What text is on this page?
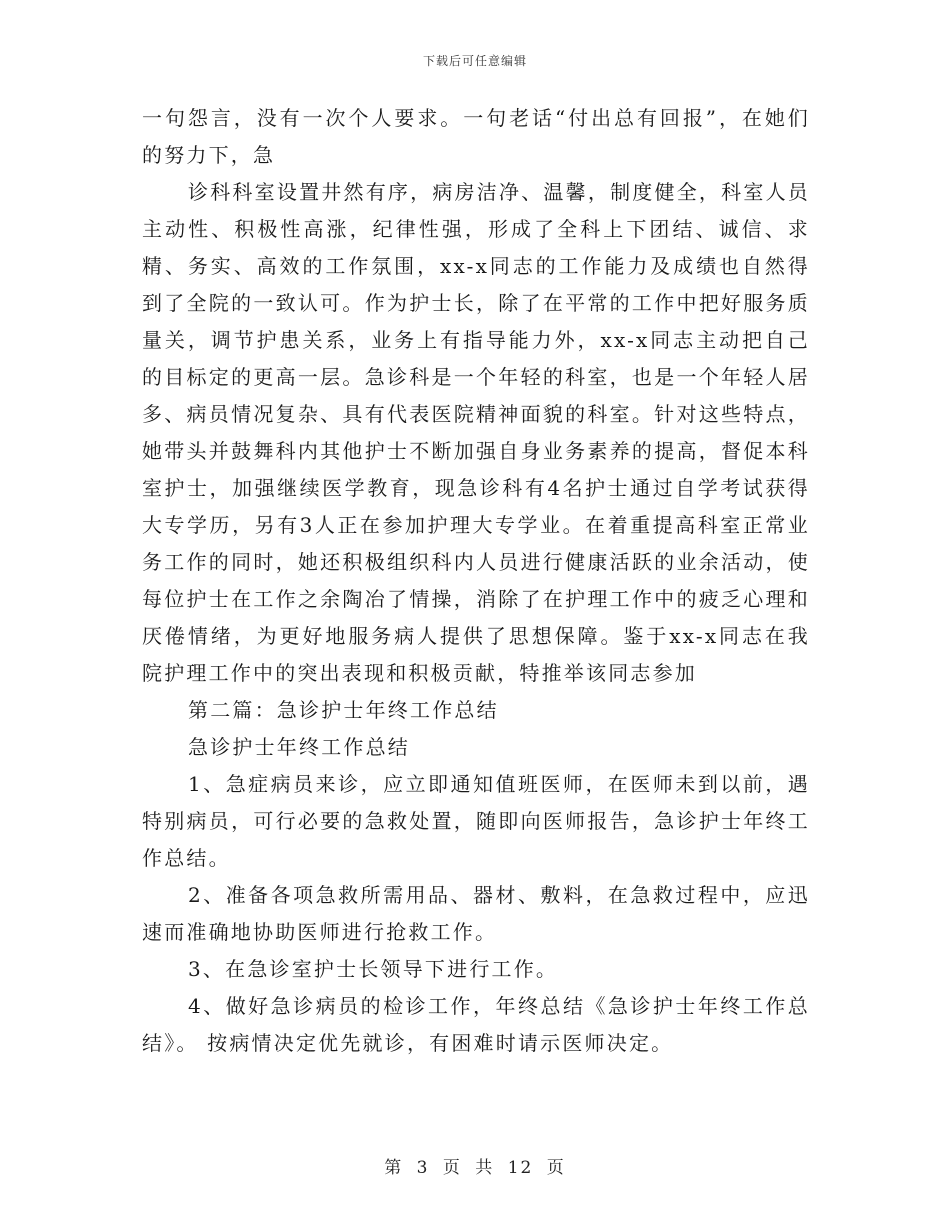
下载后可任意编辑

一句怨言，没有一次个人要求。一句老话“付出总有回报”，在她们的努力下，急

诊科科室设置井然有序，病房洁净、温馨，制度健全，科室人员主动性、积极性高涨，纪律性强，形成了全科上下团结、诚信、求精、务实、高效的工作氛围，xx-x同志的工作能力及成绩也自然得到了全院的一致认可。作为护士长，除了在平常的工作中把好服务质量关，调节护患关系，业务上有指导能力外，xx-x同志主动把自己的目标定的更高一层。急诊科是一个年轻的科室，也是一个年轻人居多、病员情况复杂、具有代表医院精神面貌的科室。针对这些特点，她带头并鼓舞科内其他护士不断加强自身业务素养的提高，督促本科室护士，加强继续医学教育，现急诊科有4名护士通过自学考试获得大专学历，另有3人正在参加护理大专学业。在着重提高科室正常业务工作的同时，她还积极组织科内人员进行健康活跃的业余活动，使每位护士在工作之余陶冶了情操，消除了在护理工作中的疲乏心理和厌倦情绪，为更好地服务病人提供了思想保障。鉴于xx-x同志在我院护理工作中的突出表现和积极贡献，特推举该同志参加

第二篇：急诊护士年终工作总结

急诊护士年终工作总结

1、急症病员来诊，应立即通知值班医师，在医师未到以前，遇特别病员，可行必要的急救处置，随即向医师报告，急诊护士年终工作总结。

2、准备各项急救所需用品、器材、敷料，在急救过程中，应迅速而准确地协助医师进行抢救工作。

3、在急诊室护士长领导下进行工作。

4、做好急诊病员的检诊工作，年终总结《急诊护士年终工作总结》。 按病情决定优先就诊，有困难时请示医师决定。

第 3 页 共 12 页
